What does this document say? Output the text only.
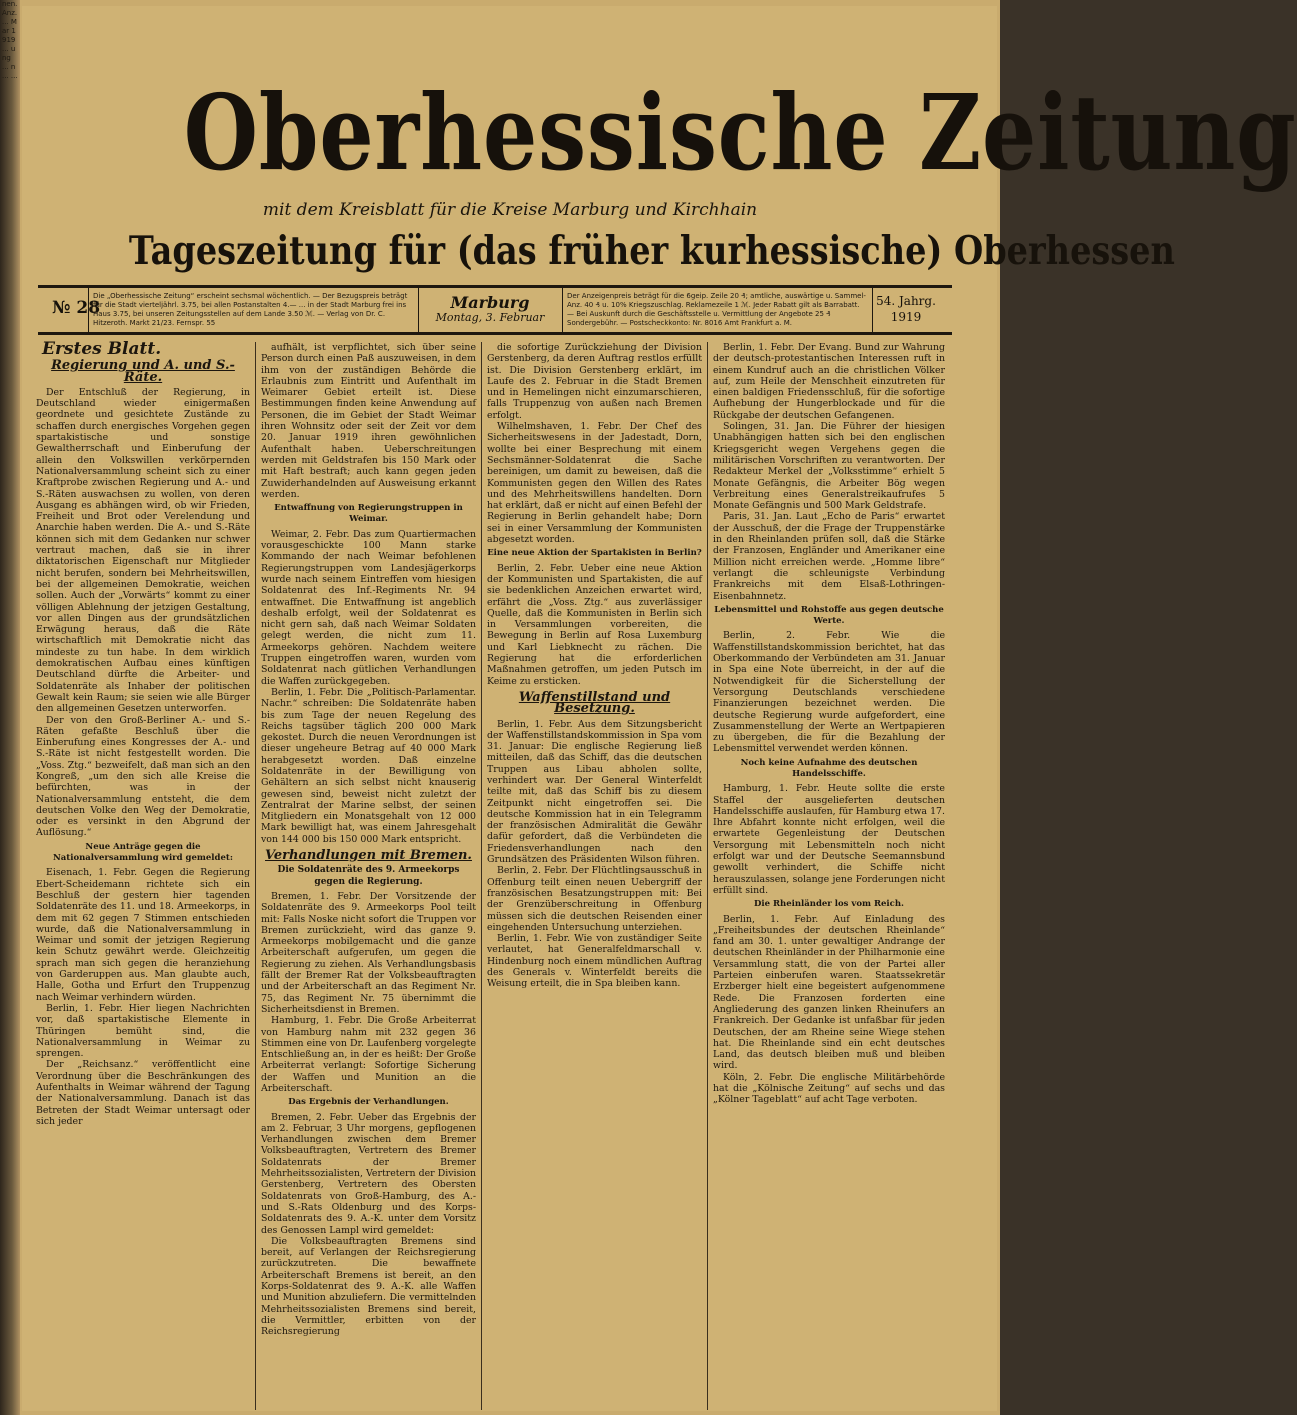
nen. Anz. ... Mar 1919 ... ung ... n ... ... Oberhessische Zeitung
mit dem Kreisblatt für die Kreise Marburg und Kirchhain
Tageszeitung für (das früher kurhessische) Oberhessen
№ 28
Die „Oberhessische Zeitung“ erscheint sechsmal wöchentlich. — Der Bezugspreis beträgt für die Stadt vierteljährl. 3.75, bei allen Postanstalten 4.— ... in der Stadt Marburg frei ins Haus 3.75, bei unseren Zeitungsstellen auf dem Lande 3.50 ℳ. — Verlag von Dr. C. Hitzeroth. Markt 21/23. Fernspr. 55
Marburg
Montag, 3. Februar
Der Anzeigenpreis beträgt für die 6geip. Zeile 20 ₰; amtliche, auswärtige u. Sammel-Anz. 40 ₰ u. 10% Kriegszuschlag. Reklamezeile 1 ℳ. Jeder Rabatt gilt als Barrabatt. — Bei Auskunft durch die Geschäftsstelle u. Vermittlung der Angebote 25 ₰ Sondergebühr. — Postscheckkonto: Nr. 8016 Amt Frankfurt a. M.
54. Jahrg.
1919
Erstes Blatt.
Regierung und A. und S.-Räte.

Der Entschluß der Regierung, in Deutschland wieder einigermaßen geordnete und gesichtete Zustände zu schaffen durch energisches Vorgehen gegen spartakistische und sonstige Gewaltherrschaft und Einberufung der allein den Volkswillen verkörpernden Nationalversammlung scheint sich zu einer Kraftprobe zwischen Regierung und A.- und S.-Räten auswachsen zu wollen, von deren Ausgang es abhängen wird, ob wir Frieden, Freiheit und Brot oder Verelendung und Anarchie haben werden. Die A.- und S.-Räte können sich mit dem Gedanken nur schwer vertraut machen, daß sie in ihrer diktatorischen Eigenschaft nur Mitglieder nicht berufen, sondern bei Mehrheitswillen, bei der allgemeinen Demokratie, weichen sollen. Auch der „Vorwärts“ kommt zu einer völligen Ablehnung der jetzigen Gestaltung, vor allen Dingen aus der grundsätzlichen Erwägung heraus, daß die Räte wirtschaftlich mit Demokratie nicht das mindeste zu tun habe. In dem wirklich demokratischen Aufbau eines künftigen Deutschland dürfte die Arbeiter- und Soldatenräte als Inhaber der politischen Gewalt kein Raum; sie seien wie alle Bürger den allgemeinen Gesetzen unterworfen.

Der von den Groß-Berliner A.- und S.-Räten gefaßte Beschluß über die Einberufung eines Kongresses der A.- und S.-Räte ist nicht festgestellt worden. Die „Voss. Ztg.“ bezweifelt, daß man sich an den Kongreß, „um den sich alle Kreise die befürchten, was in der Nationalversammlung entsteht, die dem deutschen Volke den Weg der Demokratie, oder es versinkt in den Abgrund der Auflösung.“

Neue Anträge gegen die Nationalversammlung wird gemeldet:

Eisenach, 1. Febr. Gegen die Regierung Ebert-Scheidemann richtete sich ein Beschluß der gestern hier tagenden Soldatenräte des 11. und 18. Armeekorps, in dem mit 62 gegen 7 Stimmen entschieden wurde, daß die Nationalversammlung in Weimar und somit der jetzigen Regierung kein Schutz gewährt werde. Gleichzeitig sprach man sich gegen die heranziehung von Garderuppen aus. Man glaubte auch, Halle, Gotha und Erfurt den Truppenzug nach Weimar verhindern würden.

Berlin, 1. Febr. Hier liegen Nachrichten vor, daß spartakistische Elemente in Thüringen bemüht sind, die Nationalversammlung in Weimar zu sprengen.

Der „Reichsanz.“ veröffentlicht eine Verordnung über die Beschränkungen des Aufenthalts in Weimar während der Tagung der Nationalversammlung. Danach ist das Betreten der Stadt Weimar untersagt oder sich jeder

aufhält, ist verpflichtet, sich über seine Person durch einen Paß auszuweisen, in dem ihm von der zuständigen Behörde die Erlaubnis zum Eintritt und Aufenthalt im Weimarer Gebiet erteilt ist. Diese Bestimmungen finden keine Anwendung auf Personen, die im Gebiet der Stadt Weimar ihren Wohnsitz oder seit der Zeit vor dem 20. Januar 1919 ihren gewöhnlichen Aufenthalt haben. Ueberschreitungen werden mit Geldstrafen bis 150 Mark oder mit Haft bestraft; auch kann gegen jeden Zuwiderhandelnden auf Ausweisung erkannt werden.

Entwaffnung von Regierungstruppen in Weimar.

Weimar, 2. Febr. Das zum Quartiermachen vorausgeschickte 100 Mann starke Kommando der nach Weimar befohlenen Regierungstruppen vom Landesjägerkorps wurde nach seinem Eintreffen vom hiesigen Soldatenrat des Inf.-Regiments Nr. 94 entwaffnet. Die Entwaffnung ist angeblich deshalb erfolgt, weil der Soldatenrat es nicht gern sah, daß nach Weimar Soldaten gelegt werden, die nicht zum 11. Armeekorps gehören. Nachdem weitere Truppen eingetroffen waren, wurden vom Soldatenrat nach gütlichen Verhandlungen die Waffen zurückgegeben.

Berlin, 1. Febr. Die „Politisch-Parlamentar. Nachr.“ schreiben: Die Soldatenräte haben bis zum Tage der neuen Regelung des Reichs tagsüber täglich 200 000 Mark gekostet. Durch die neuen Verordnungen ist dieser ungeheure Betrag auf 40 000 Mark herabgesetzt worden. Daß einzelne Soldatenräte in der Bewilligung von Gehältern an sich selbst nicht knauserig gewesen sind, beweist nicht zuletzt der Zentralrat der Marine selbst, der seinen Mitgliedern ein Monatsgehalt von 12 000 Mark bewilligt hat, was einem Jahresgehalt von 144 000 bis 150 000 Mark entspricht.

Verhandlungen mit Bremen.
Die Soldatenräte des 9. Armeekorps gegen die Regierung.

Bremen, 1. Febr. Der Vorsitzende der Soldatenräte des 9. Armeekorps Pool teilt mit: Falls Noske nicht sofort die Truppen vor Bremen zurückzieht, wird das ganze 9. Armeekorps mobilgemacht und die ganze Arbeiterschaft aufgerufen, um gegen die Regierung zu ziehen. Als Verhandlungsbasis fällt der Bremer Rat der Volksbeauftragten und der Arbeiterschaft an das Regiment Nr. 75, das Regiment Nr. 75 übernimmt die Sicherheitsdienst in Bremen.

Hamburg, 1. Febr. Die Große Arbeiterrat von Hamburg nahm mit 232 gegen 36 Stimmen eine von Dr. Laufenberg vorgelegte Entschließung an, in der es heißt: Der Große Arbeiterrat verlangt: Sofortige Sicherung der Waffen und Munition an die Arbeiterschaft.

Das Ergebnis der Verhandlungen.

Bremen, 2. Febr. Ueber das Ergebnis der am 2. Februar, 3 Uhr morgens, gepflogenen Verhandlungen zwischen dem Bremer Volksbeauftragten, Vertretern des Bremer Soldatenrats der Bremer Mehrheitssozialisten, Vertretern der Division Gerstenberg, Vertretern des Obersten Soldatenrats von Groß-Hamburg, des A.- und S.-Rats Oldenburg und des Korps-Soldatenrats des 9. A.-K. unter dem Vorsitz des Genossen Lampl wird gemeldet:

Die Volksbeauftragten Bremens sind bereit, auf Verlangen der Reichsregierung zurückzutreten. Die bewaffnete Arbeiterschaft Bremens ist bereit, an den Korps-Soldatenrat des 9. A.-K. alle Waffen und Munition abzuliefern. Die vermittelnden Mehrheitssozialisten Bremens sind bereit, die Vermittler, erbitten von der Reichsregierung

die sofortige Zurückziehung der Division Gerstenberg, da deren Auftrag restlos erfüllt ist. Die Division Gerstenberg erklärt, im Laufe des 2. Februar in die Stadt Bremen und in Hemelingen nicht einzumarschieren, falls Truppenzug von außen nach Bremen erfolgt.

Wilhelmshaven, 1. Febr. Der Chef des Sicherheitswesens in der Jadestadt, Dorn, wollte bei einer Besprechung mit einem Sechsmänner-Soldatenrat die Sache bereinigen, um damit zu beweisen, daß die Kommunisten gegen den Willen des Rates und des Mehrheitswillens handelten. Dorn hat erklärt, daß er nicht auf einen Befehl der Regierung in Berlin gehandelt habe; Dorn sei in einer Versammlung der Kommunisten abgesetzt worden.

Eine neue Aktion der Spartakisten in Berlin?

Berlin, 2. Febr. Ueber eine neue Aktion der Kommunisten und Spartakisten, die auf sie bedenklichen Anzeichen erwartet wird, erfährt die „Voss. Ztg.“ aus zuverlässiger Quelle, daß die Kommunisten in Berlin sich in Versammlungen vorbereiten, die Bewegung in Berlin auf Rosa Luxemburg und Karl Liebknecht zu rächen. Die Regierung hat die erforderlichen Maßnahmen getroffen, um jeden Putsch im Keime zu ersticken.

Waffenstillstand und Besetzung.

Berlin, 1. Febr. Aus dem Sitzungsbericht der Waffenstillstandskommission in Spa vom 31. Januar: Die englische Regierung ließ mitteilen, daß das Schiff, das die deutschen Truppen aus Libau abholen sollte, verhindert war. Der General Winterfeldt teilte mit, daß das Schiff bis zu diesem Zeitpunkt nicht eingetroffen sei. Die deutsche Kommission hat in ein Telegramm der französischen Admiralität die Gewähr dafür gefordert, daß die Verbündeten die Friedensverhandlungen nach den Grundsätzen des Präsidenten Wilson führen.

Berlin, 2. Febr. Der Flüchtlingsausschuß in Offenburg teilt einen neuen Uebergriff der französischen Besatzungstruppen mit: Bei der Grenzüberschreitung in Offenburg müssen sich die deutschen Reisenden einer eingehenden Untersuchung unterziehen.

Berlin, 1. Febr. Wie von zuständiger Seite verlautet, hat Generalfeldmarschall v. Hindenburg noch einem mündlichen Auftrag des Generals v. Winterfeldt bereits die Weisung erteilt, die in Spa bleiben kann.

Berlin, 1. Febr. Der Evang. Bund zur Wahrung der deutsch-protestantischen Interessen ruft in einem Kundruf auch an die christlichen Völker auf, zum Heile der Menschheit einzutreten für einen baldigen Friedensschluß, für die sofortige Aufhebung der Hungerblockade und für die Rückgabe der deutschen Gefangenen.

Solingen, 31. Jan. Die Führer der hiesigen Unabhängigen hatten sich bei den englischen Kriegsgericht wegen Vergehens gegen die militärischen Vorschriften zu verantworten. Der Redakteur Merkel der „Volksstimme“ erhielt 5 Monate Gefängnis, die Arbeiter Bög wegen Verbreitung eines Generalstreikaufrufes 5 Monate Gefängnis und 500 Mark Geldstrafe.

Paris, 31. Jan. Laut „Echo de Paris“ erwartet der Ausschuß, der die Frage der Truppenstärke in den Rheinlanden prüfen soll, daß die Stärke der Franzosen, Engländer und Amerikaner eine Million nicht erreichen werde. „Homme libre“ verlangt die schleunigste Verbindung Frankreichs mit dem Elsaß-Lothringen-Eisenbahnnetz.

Lebensmittel und Rohstoffe aus gegen deutsche Werte.

Berlin, 2. Febr. Wie die Waffenstillstandskommission berichtet, hat das Oberkommando der Verbündeten am 31. Januar in Spa eine Note überreicht, in der auf die Notwendigkeit für die Sicherstellung der Versorgung Deutschlands verschiedene Finanzierungen bezeichnet werden. Die deutsche Regierung wurde aufgefordert, eine Zusammenstellung der Werte an Wertpapieren zu übergeben, die für die Bezahlung der Lebensmittel verwendet werden können.

Noch keine Aufnahme des deutschen Handelsschiffe.

Hamburg, 1. Febr. Heute sollte die erste Staffel der ausgelieferten deutschen Handelsschiffe auslaufen, für Hamburg etwa 17. Ihre Abfahrt konnte nicht erfolgen, weil die erwartete Gegenleistung der Deutschen Versorgung mit Lebensmitteln noch nicht erfolgt war und der Deutsche Seemannsbund gewollt verhindert, die Schiffe nicht herauszulassen, solange jene Forderungen nicht erfüllt sind.

Die Rheinländer los vom Reich.

Berlin, 1. Febr. Auf Einladung des „Freiheitsbundes der deutschen Rheinlande“ fand am 30. 1. unter gewaltiger Andrange der deutschen Rheinländer in der Philharmonie eine Versammlung statt, die von der Partei aller Parteien einberufen waren. Staatssekretär Erzberger hielt eine begeistert aufgenommene Rede. Die Franzosen forderten eine Angliederung des ganzen linken Rheinufers an Frankreich. Der Gedanke ist unfaßbar für jeden Deutschen, der am Rheine seine Wiege stehen hat. Die Rheinlande sind ein echt deutsches Land, das deutsch bleiben muß und bleiben wird.

Köln, 2. Febr. Die englische Militärbehörde hat die „Kölnische Zeitung“ auf sechs und das „Kölner Tageblatt“ auf acht Tage verboten.
